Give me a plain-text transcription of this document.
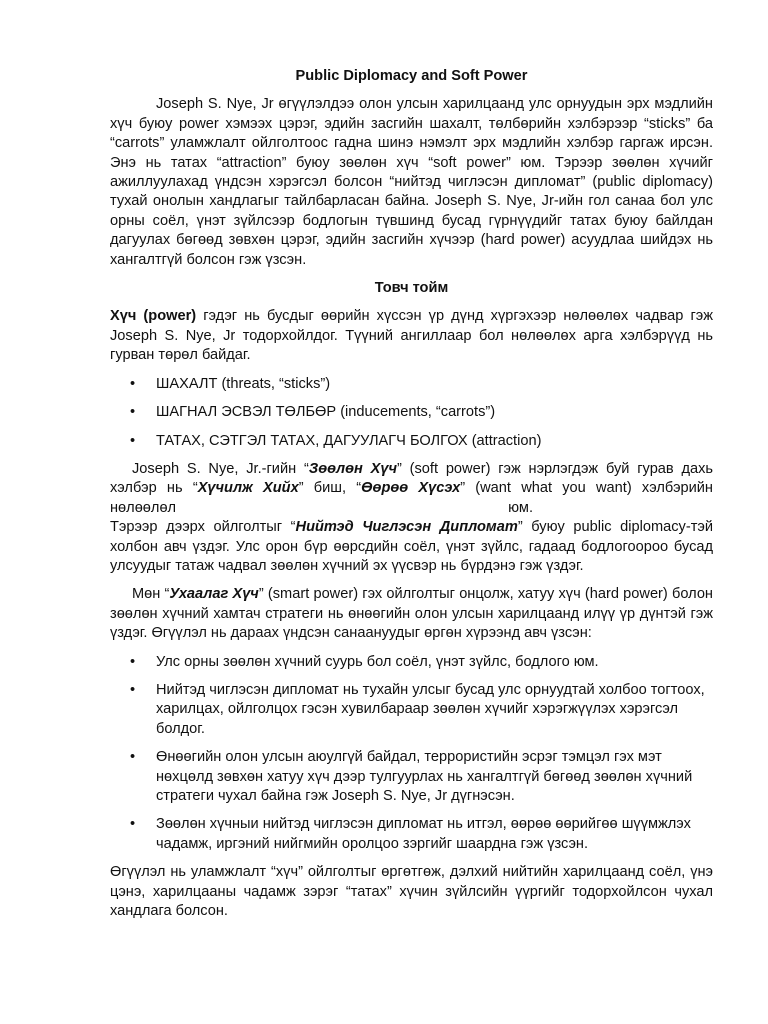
Public Diplomacy and Soft Power

Joseph S. Nye, Jr өгүүлэлдээ олон улсын харилцаанд улс орнуудын эрх мэдлийн хүч буюу power хэмээх цэрэг, эдийн засгийн шахалт, төлбөрийн хэлбэрээр “sticks” ба “carrots” уламжлалт ойлголтоос гадна шинэ нэмэлт эрх мэдлийн хэлбэр гаргаж ирсэн. Энэ нь татах “attraction” буюу зөөлөн хүч “soft power” юм. Тэрээр зөөлөн хүчийг ажиллуулахад үндсэн хэрэгсэл болсон “нийтэд чиглэсэн дипломат” (public diplomacy) тухай онолын хандлагыг тайлбарласан байна. Joseph S. Nye, Jr-ийн гол санаа бол улс орны соёл, үнэт зүйлсээр бодлогын түвшинд бусад гүрнүүдийг татах буюу байлдан дагуулах бөгөөд зөвхөн цэрэг, эдийн засгийн хүчээр (hard power) асуудлаа шийдэх нь хангалтгүй болсон гэж үзсэн.

Товч тойм

Хүч (power) гэдэг нь бусдыг өөрийн хүссэн үр дүнд хүргэхээр нөлөөлөх чадвар гэж Joseph S. Nye, Jr тодорхойлдог. Түүний ангиллаар бол нөлөөлөх арга хэлбэрүүд нь гурван төрөл байдаг.

• ШАХАЛТ (threats, “sticks”)
• ШАГНАЛ ЭСВЭЛ ТӨЛБӨР (inducements, “carrots”)
• ТАТАХ, СЭТГЭЛ ТАТАХ, ДАГУУЛАГЧ БОЛГОХ (attraction)

Joseph S. Nye, Jr.-гийн “Зөөлөн Хүч” (soft power) гэж нэрлэгдэж буй гурав дахь хэлбэр нь “Хүчилж Хийх” биш, “Өөрөө Хүсэх” (want what you want) хэлбэрийн нөлөөлөл	юм.

Тэрээр дээрх ойлголтыг “Нийтэд Чиглэсэн Дипломат” буюу public diplomacy-тэй холбон авч үздэг. Улс орон бүр өөрсдийн соёл, үнэт зүйлс, гадаад бодлогоороо бусад улсуудыг татаж чадвал зөөлөн хүчний эх үүсвэр нь бүрдэнэ гэж үздэг.

Мөн “Ухаалаг Хүч” (smart power) гэх ойлголтыг онцолж, хатуу хүч (hard power) болон зөөлөн хүчний хамтач стратеги нь өнөөгийн олон улсын харилцаанд илүү үр дүнтэй гэж үздэг. Өгүүлэл нь дараах үндсэн санаануудыг өргөн хүрээнд авч үзсэн:

• Улс орны зөөлөн хүчний суурь бол соёл, үнэт зүйлс, бодлого юм.
• Нийтэд чиглэсэн дипломат нь тухайн улсыг бусад улс орнуудтай холбоо тогтоох, харилцах, ойлголцох гэсэн хувилбараар зөөлөн хүчийг хэрэгжүүлэх хэрэгсэл болдог.
• Өнөөгийн олон улсын аюулгүй байдал, террористийн эсрэг тэмцэл гэх мэт нөхцөлд зөвхөн хатуу хүч дээр тулгуурлах нь хангалтгүй бөгөөд зөөлөн хүчний стратеги чухал байна гэж Joseph S. Nye, Jr дүгнэсэн.
• Зөөлөн хүчныи нийтэд чиглэсэн дипломат нь итгэл, өөрөө өөрийгөө шүүмжлэх чадамж, иргэний нийгмийн оролцоо зэргийг шаардна гэж үзсэн.

Өгүүлэл нь уламжлалт “хүч” ойлголтыг өргөтгөж, дэлхий нийтийн харилцаанд соёл, үнэ цэнэ, харилцааны чадамж зэрэг “татах” хүчин зүйлсийн үүргийг тодорхойлсон чухал хандлага болсон.
